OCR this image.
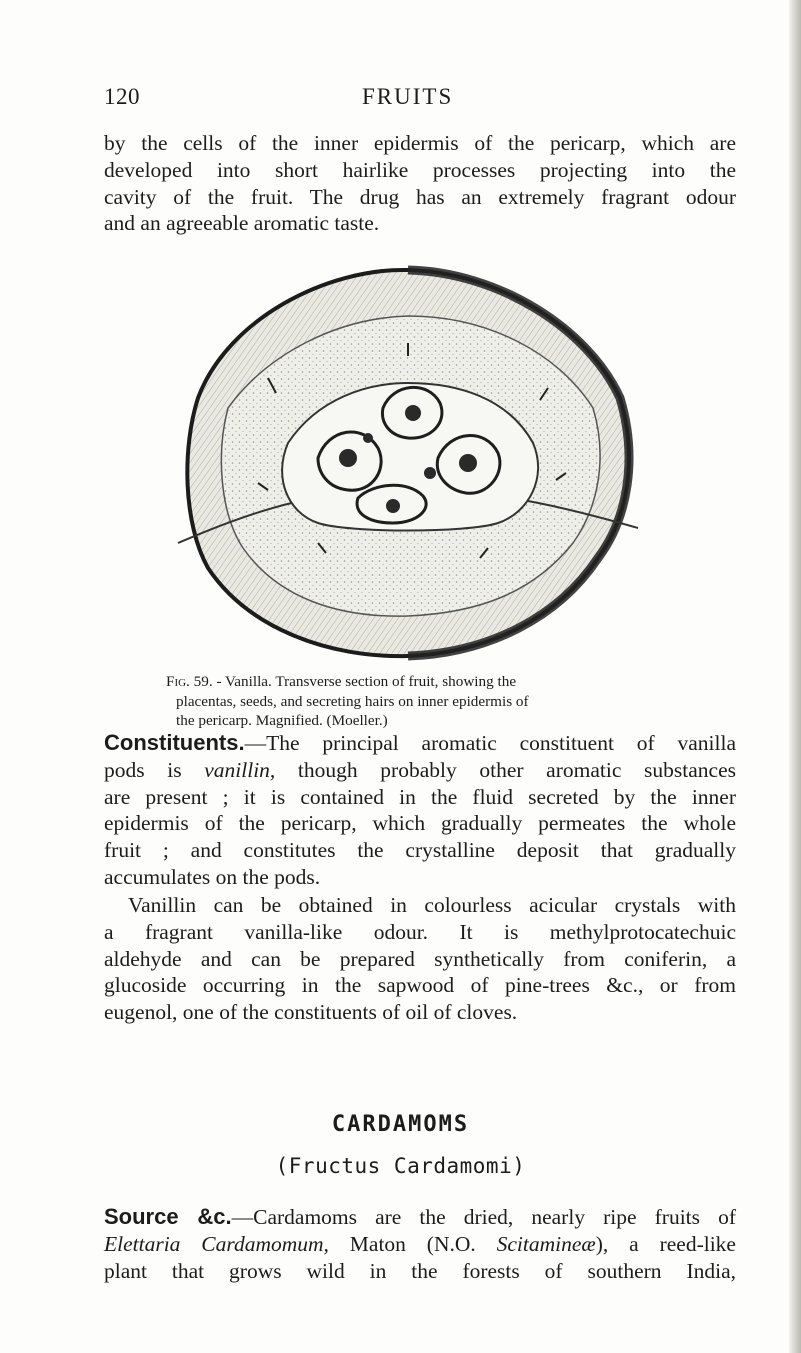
120	FRUITS

by the cells of the inner epidermis of the pericarp, which are
developed into short hairlike processes projecting into the
cavity of the fruit. The drug has an extremely fragrant odour
and an agreeable aromatic taste.

Fig. 59. - Vanilla. Transverse section of fruit, showing the
placentas, seeds, and secreting hairs on inner epidermis of
the pericarp. Magnified. (Moeller.)

Constituents.—The principal aromatic constituent of vanilla
pods is vanillin, though probably other aromatic substances
are present ; it is contained in the fluid secreted by the inner
epidermis of the pericarp, which gradually permeates the whole
fruit ; and constitutes the crystalline deposit that gradually
accumulates on the pods.

Vanillin can be obtained in colourless acicular crystals with
a fragrant vanilla-like odour. It is methylprotocatechuic
aldehyde and can be prepared synthetically from coniferin, a
glucoside occurring in the sapwood of pine-trees &c., or from
eugenol, one of the constituents of oil of cloves.

CARDAMOMS
(Fructus Cardamomi)

Source &c.—Cardamoms are the dried, nearly ripe fruits of
Elettaria Cardamomum, Maton (N.O. Scitamineæ), a reed-like
plant that grows wild in the forests of southern India,
